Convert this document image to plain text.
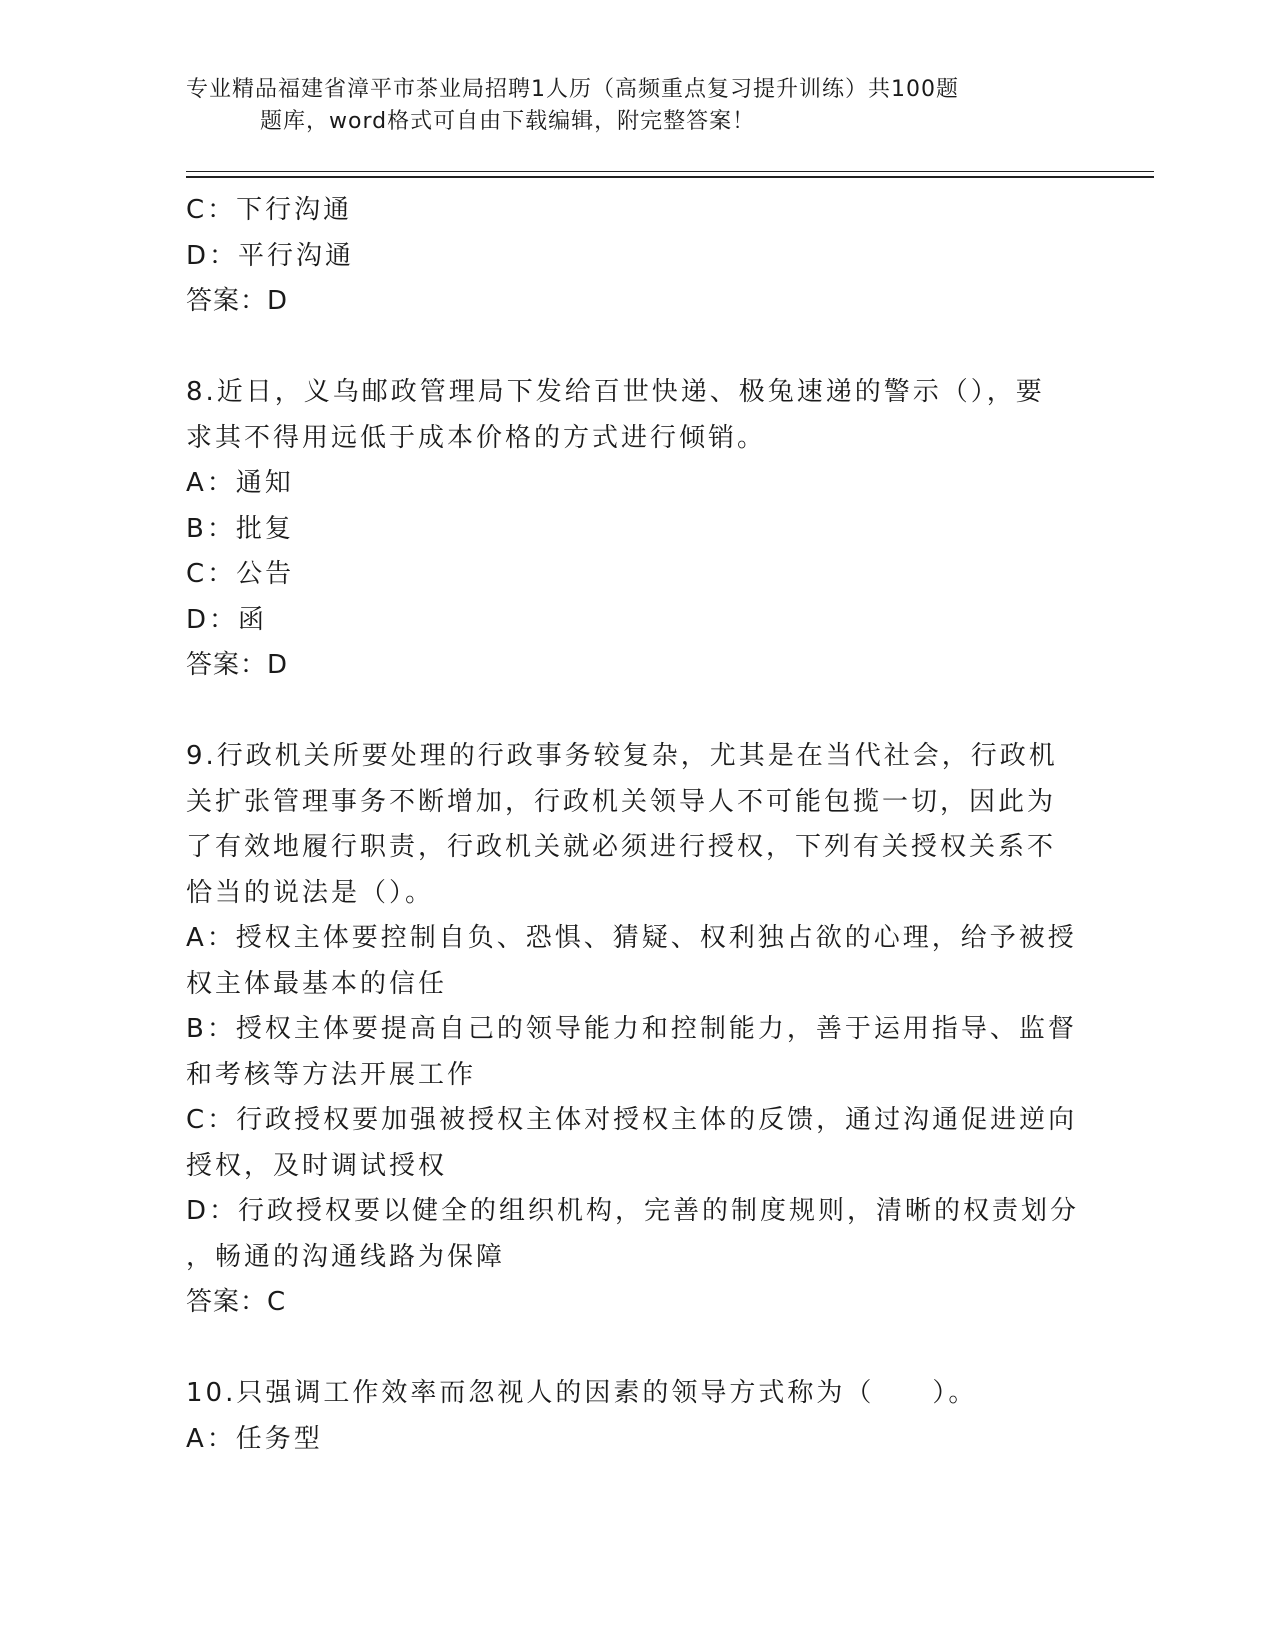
专业精品福建省漳平市茶业局招聘1人历（高频重点复习提升训练）共100题
题库，word格式可自由下载编辑，附完整答案！
C：下行沟通
D：平行沟通
答案：D
8.近日，义乌邮政管理局下发给百世快递、极兔速递的警示（），要
求其不得用远低于成本价格的方式进行倾销。
A：通知
B：批复
C：公告
D：函
答案：D
9.行政机关所要处理的行政事务较复杂，尤其是在当代社会，行政机
关扩张管理事务不断增加，行政机关领导人不可能包揽一切，因此为
了有效地履行职责，行政机关就必须进行授权，下列有关授权关系不
恰当的说法是（）。
A：授权主体要控制自负、恐惧、猜疑、权利独占欲的心理，给予被授
权主体最基本的信任
B：授权主体要提高自己的领导能力和控制能力，善于运用指导、监督
和考核等方法开展工作
C：行政授权要加强被授权主体对授权主体的反馈，通过沟通促进逆向
授权，及时调试授权
D：行政授权要以健全的组织机构，完善的制度规则，清晰的权责划分
，畅通的沟通线路为保障
答案：C
10.只强调工作效率而忽视人的因素的领导方式称为（　　）。
A：任务型
